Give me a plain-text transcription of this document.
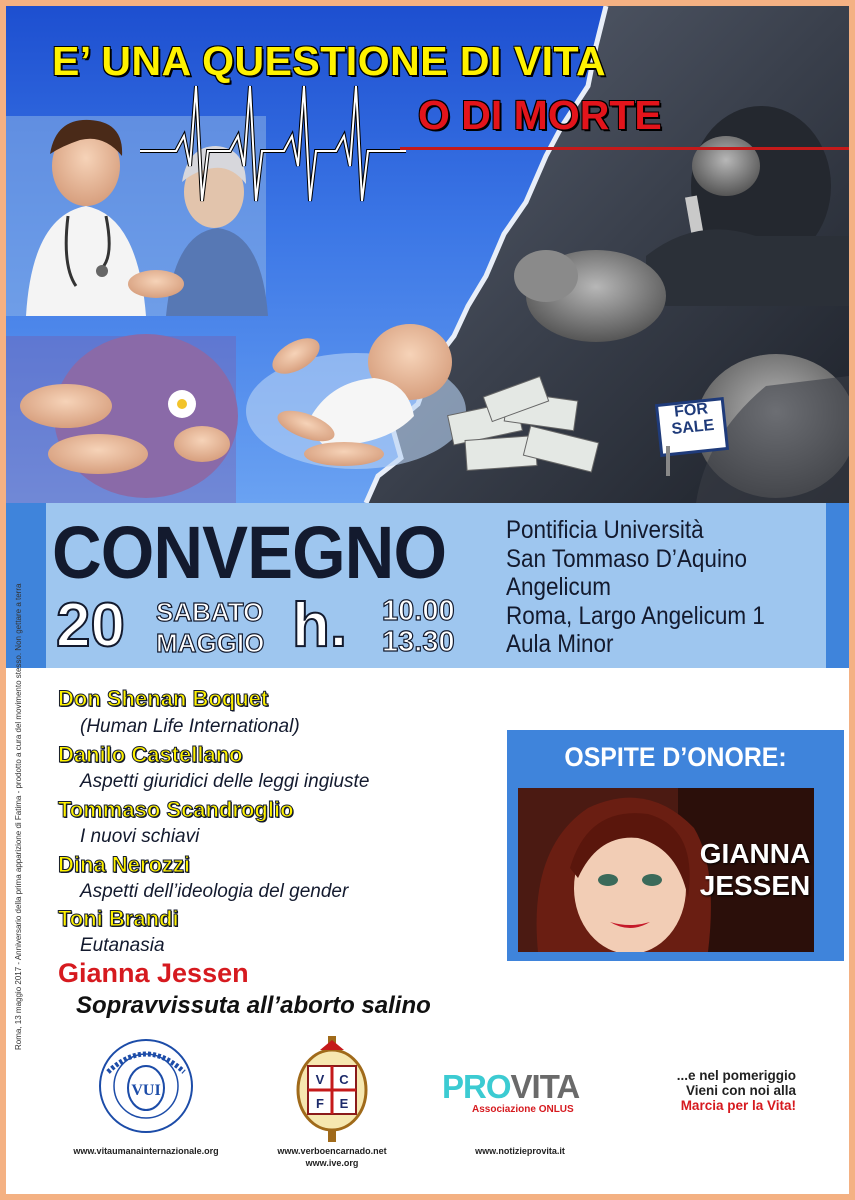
E’ UNA QUESTIONE DI VITA
O DI MORTE
FOR
SALE
CONVEGNO
20 SABATO
MAGGIO h. 10.00
13.30
Pontificia Università
San Tommaso D’Aquino
Angelicum
Roma, Largo Angelicum 1
Aula Minor
Roma, 13 maggio 2017 - Anniversario della prima apparizione di Fatima - prodotto a cura del movimento stesso. Non gettare a terra Don Shenan Boquet
(Human Life International)
Danilo Castellano
Aspetti giuridici delle leggi ingiuste
Tommaso Scandroglio
I nuovi schiavi
Dina Nerozzi
Aspetti dell’ideologia del gender
Toni Brandi
Eutanasia
Gianna Jessen
Sopravvissuta all’aborto salino
OSPITE D’ONORE:
GIANNA
JESSEN
VUI
www.vitaumanainternazionale.org
V C
F E
www.verboencarnado.net
www.ive.org
PROVITA
Associazione ONLUS
www.notizieprovita.it
...e nel pomeriggio
Vieni con noi alla
Marcia per la Vita!
